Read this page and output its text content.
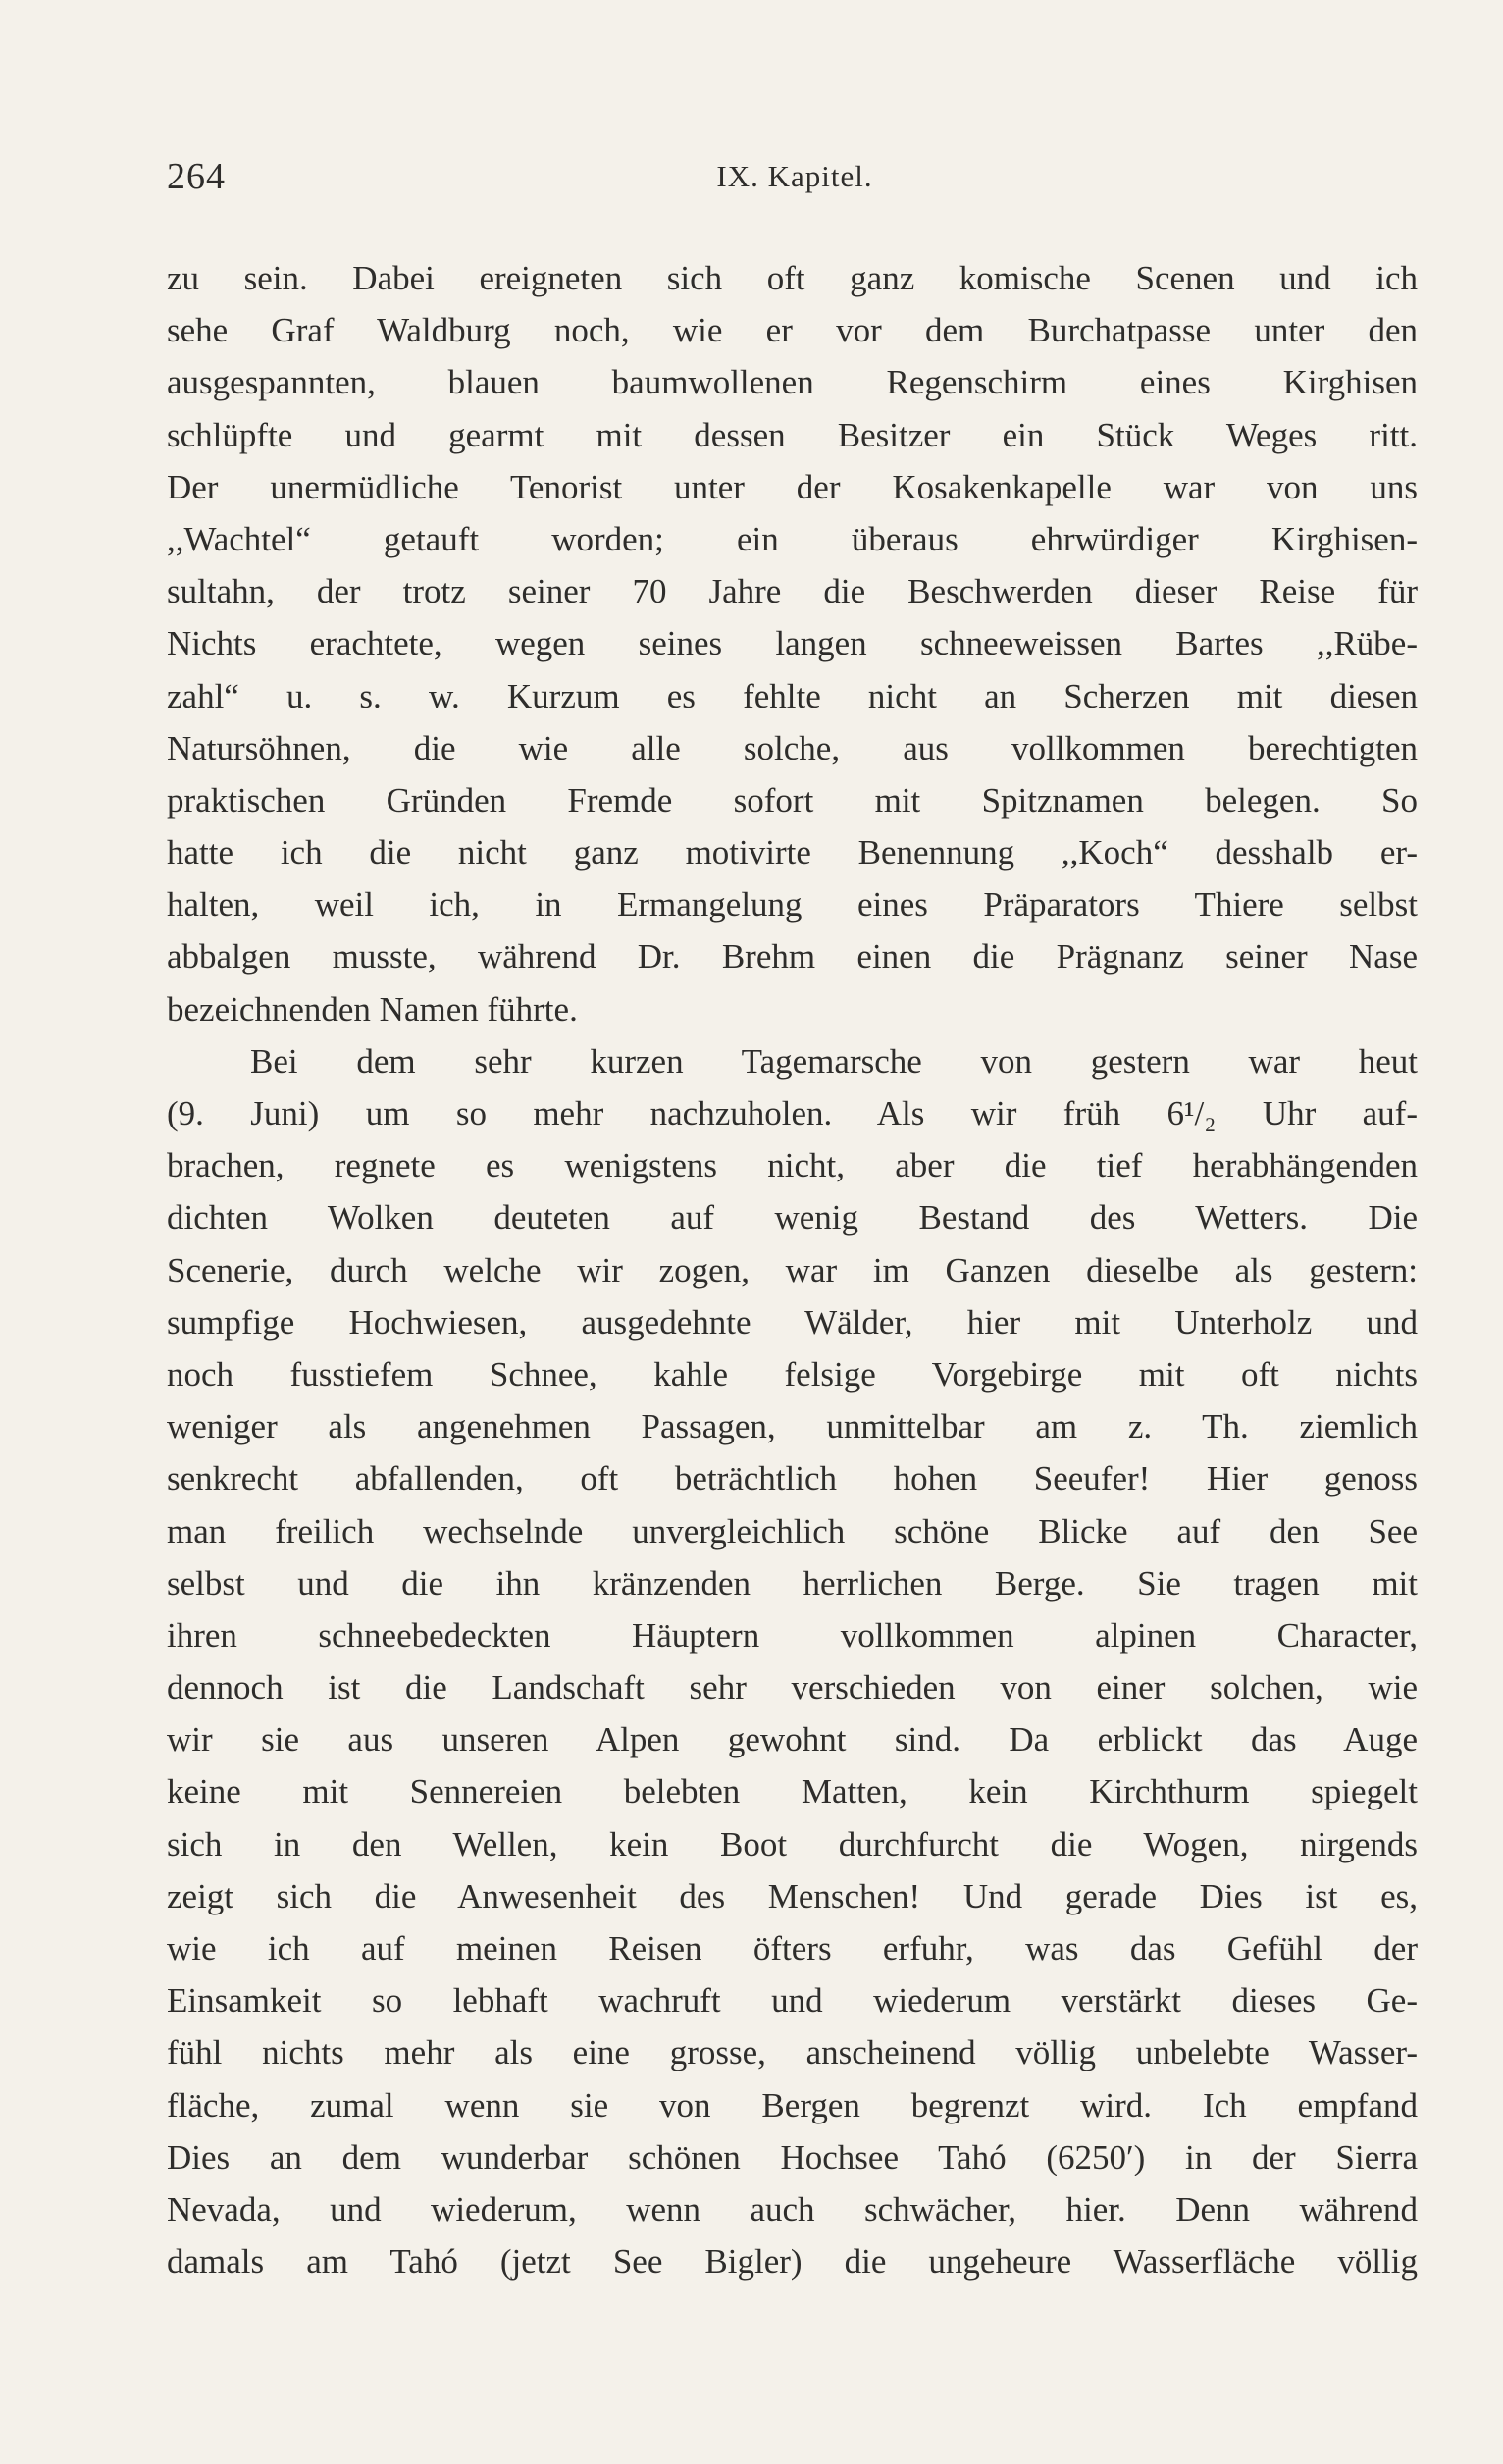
264	IX. Kapitel.
zu sein. Dabei ereigneten sich oft ganz komische Scenen und ich
sehe Graf Waldburg noch, wie er vor dem Burchatpasse unter den
ausgespannten, blauen baumwollenen Regenschirm eines Kirghisen
schlüpfte und gearmt mit dessen Besitzer ein Stück Weges ritt.
Der unermüdliche Tenorist unter der Kosakenkapelle war von uns
,,Wachtel“ getauft worden; ein überaus ehrwürdiger Kirghisen-
sultahn, der trotz seiner 70 Jahre die Beschwerden dieser Reise für
Nichts erachtete, wegen seines langen schneeweissen Bartes ,,Rübe-
zahl“ u. s. w. Kurzum es fehlte nicht an Scherzen mit diesen
Natursöhnen, die wie alle solche, aus vollkommen berechtigten
praktischen Gründen Fremde sofort mit Spitznamen belegen. So
hatte ich die nicht ganz motivirte Benennung ,,Koch“ desshalb er-
halten, weil ich, in Ermangelung eines Präparators Thiere selbst
abbalgen musste, während Dr. Brehm einen die Prägnanz seiner Nase
bezeichnenden Namen führte.
Bei dem sehr kurzen Tagemarsche von gestern war heut
(9. Juni) um so mehr nachzuholen. Als wir früh 6¹/₂ Uhr auf-
brachen, regnete es wenigstens nicht, aber die tief herabhängenden
dichten Wolken deuteten auf wenig Bestand des Wetters. Die
Scenerie, durch welche wir zogen, war im Ganzen dieselbe als gestern:
sumpfige Hochwiesen, ausgedehnte Wälder, hier mit Unterholz und
noch fusstiefem Schnee, kahle felsige Vorgebirge mit oft nichts
weniger als angenehmen Passagen, unmittelbar am z. Th. ziemlich
senkrecht abfallenden, oft beträchtlich hohen Seeufer! Hier genoss
man freilich wechselnde unvergleichlich schöne Blicke auf den See
selbst und die ihn kränzenden herrlichen Berge. Sie tragen mit
ihren schneebedeckten Häuptern vollkommen alpinen Character,
dennoch ist die Landschaft sehr verschieden von einer solchen, wie
wir sie aus unseren Alpen gewohnt sind. Da erblickt das Auge
keine mit Sennereien belebten Matten, kein Kirchthurm spiegelt
sich in den Wellen, kein Boot durchfurcht die Wogen, nirgends
zeigt sich die Anwesenheit des Menschen! Und gerade Dies ist es,
wie ich auf meinen Reisen öfters erfuhr, was das Gefühl der
Einsamkeit so lebhaft wachruft und wiederum verstärkt dieses Ge-
fühl nichts mehr als eine grosse, anscheinend völlig unbelebte Wasser-
fläche, zumal wenn sie von Bergen begrenzt wird. Ich empfand
Dies an dem wunderbar schönen Hochsee Tahó (6250′) in der Sierra
Nevada, und wiederum, wenn auch schwächer, hier. Denn während
damals am Tahó (jetzt See Bigler) die ungeheure Wasserfläche völlig
